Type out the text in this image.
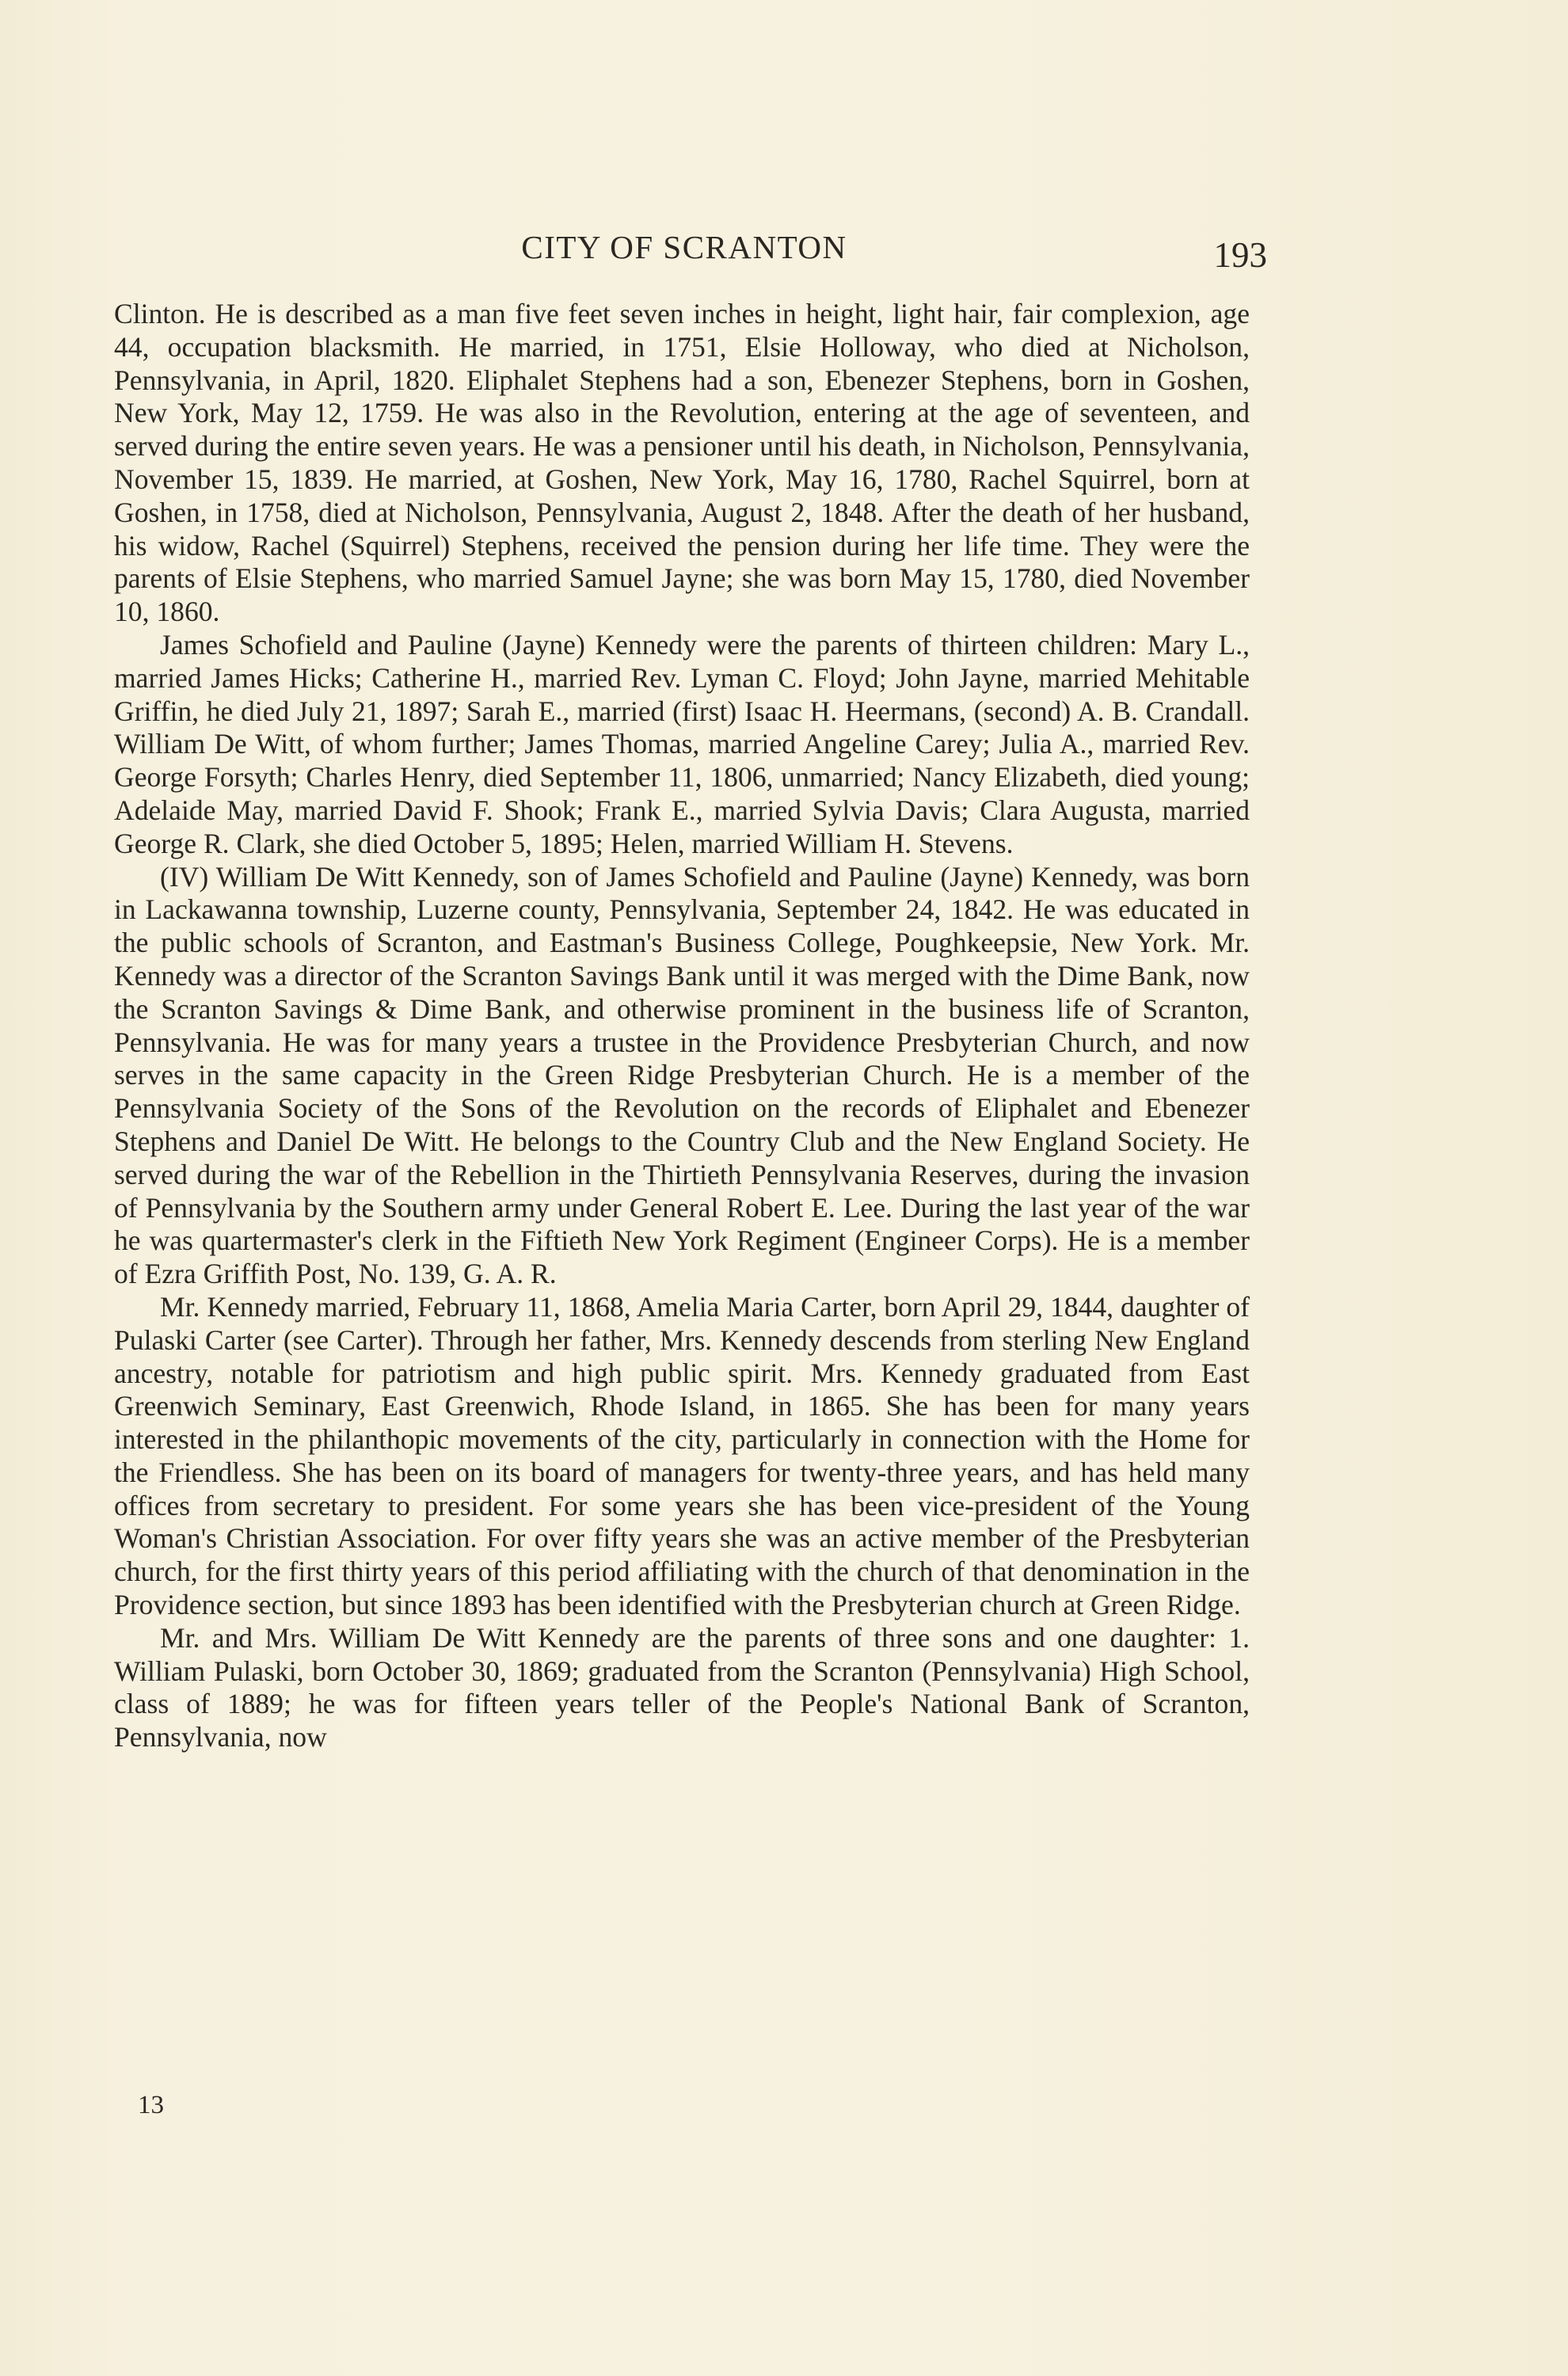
CITY OF SCRANTON	193

Clinton. He is described as a man five feet seven inches in height, light hair, fair complexion, age 44, occupation blacksmith. He married, in 1751, Elsie Holloway, who died at Nicholson, Pennsylvania, in April, 1820. Eliphalet Stephens had a son, Ebenezer Stephens, born in Goshen, New York, May 12, 1759. He was also in the Revolution, entering at the age of seventeen, and served during the entire seven years. He was a pensioner until his death, in Nicholson, Pennsylvania, November 15, 1839. He married, at Goshen, New York, May 16, 1780, Rachel Squirrel, born at Goshen, in 1758, died at Nicholson, Pennsylvania, August 2, 1848. After the death of her husband, his widow, Rachel (Squirrel) Stephens, received the pension during her life time. They were the parents of Elsie Stephens, who married Samuel Jayne; she was born May 15, 1780, died November 10, 1860.

James Schofield and Pauline (Jayne) Kennedy were the parents of thirteen children: Mary L., married James Hicks; Catherine H., married Rev. Lyman C. Floyd; John Jayne, married Mehitable Griffin, he died July 21, 1897; Sarah E., married (first) Isaac H. Heermans, (second) A. B. Crandall. William De Witt, of whom further; James Thomas, married Angeline Carey; Julia A., married Rev. George Forsyth; Charles Henry, died September 11, 1806, unmarried; Nancy Elizabeth, died young; Adelaide May, married David F. Shook; Frank E., married Sylvia Davis; Clara Augusta, married George R. Clark, she died October 5, 1895; Helen, married William H. Stevens.

(IV) William De Witt Kennedy, son of James Schofield and Pauline (Jayne) Kennedy, was born in Lackawanna township, Luzerne county, Pennsylvania, September 24, 1842. He was educated in the public schools of Scranton, and Eastman's Business College, Poughkeepsie, New York. Mr. Kennedy was a director of the Scranton Savings Bank until it was merged with the Dime Bank, now the Scranton Savings & Dime Bank, and otherwise prominent in the business life of Scranton, Pennsylvania. He was for many years a trustee in the Providence Presbyterian Church, and now serves in the same capacity in the Green Ridge Presbyterian Church. He is a member of the Pennsylvania Society of the Sons of the Revolution on the records of Eliphalet and Ebenezer Stephens and Daniel De Witt. He belongs to the Country Club and the New England Society. He served during the war of the Rebellion in the Thirtieth Pennsylvania Reserves, during the invasion of Pennsylvania by the Southern army under General Robert E. Lee. During the last year of the war he was quartermaster's clerk in the Fiftieth New York Regiment (Engineer Corps). He is a member of Ezra Griffith Post, No. 139, G. A. R.

Mr. Kennedy married, February 11, 1868, Amelia Maria Carter, born April 29, 1844, daughter of Pulaski Carter (see Carter). Through her father, Mrs. Kennedy descends from sterling New England ancestry, notable for patriotism and high public spirit. Mrs. Kennedy graduated from East Greenwich Seminary, East Greenwich, Rhode Island, in 1865. She has been for many years interested in the philanthopic movements of the city, particularly in connection with the Home for the Friendless. She has been on its board of managers for twenty-three years, and has held many offices from secretary to president. For some years she has been vice-president of the Young Woman's Christian Association. For over fifty years she was an active member of the Presbyterian church, for the first thirty years of this period affiliating with the church of that denomination in the Providence section, but since 1893 has been identified with the Presbyterian church at Green Ridge.

Mr. and Mrs. William De Witt Kennedy are the parents of three sons and one daughter: 1. William Pulaski, born October 30, 1869; graduated from the Scranton (Pennsylvania) High School, class of 1889; he was for fifteen years teller of the People's National Bank of Scranton, Pennsylvania, now

13
